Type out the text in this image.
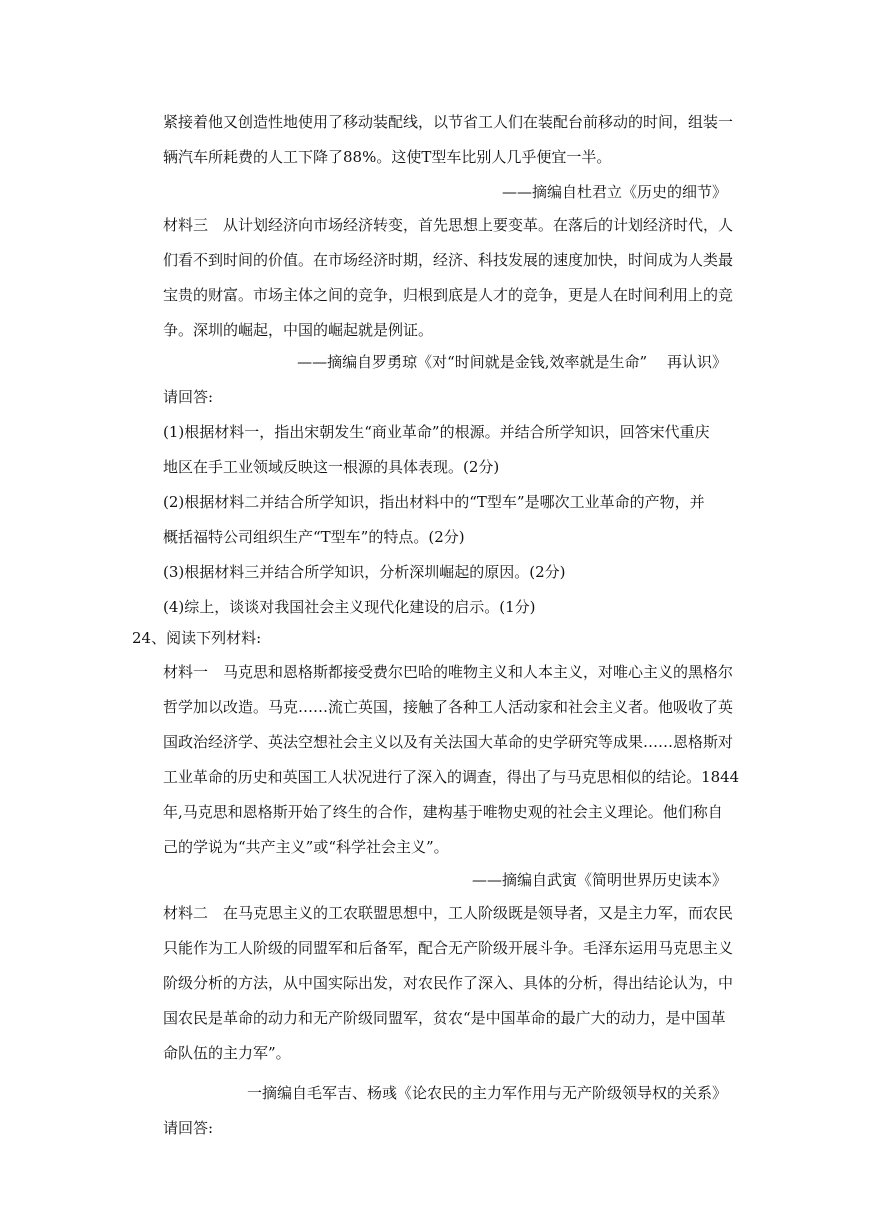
紧接着他又创造性地使用了移动装配线，以节省工人们在装配台前移动的时间，组装一
辆汽车所耗费的人工下降了88%。这使T型车比别人几乎便宜一半。
——摘编自杜君立《历史的细节》
材料三　从计划经济向市场经济转变，首先思想上要变革。在落后的计划经济时代，人
们看不到时间的价值。在市场经济时期，经济、科技发展的速度加快，时间成为人类最
宝贵的财富。市场主体之间的竞争，归根到底是人才的竞争，更是人在时间利用上的竞
争。深圳的崛起，中国的崛起就是例证。
——摘编自罗勇琼《对“时间就是金钱,效率就是生命”　 再认识》
请回答:
(1)根据材料一，指出宋朝发生“商业革命”的根源。并结合所学知识，回答宋代重庆
地区在手工业领域反映这一根源的具体表现。(2分)
(2)根据材料二并结合所学知识，指出材料中的“T型车”是哪次工业革命的产物，并
概括福特公司组织生产“T型车”的特点。(2分)
(3)根据材料三并结合所学知识，分析深圳崛起的原因。(2分)
(4)综上，谈谈对我国社会主义现代化建设的启示。(1分)
24、阅读下列材料:
材料一　马克思和恩格斯都接受费尔巴哈的唯物主义和人本主义，对唯心主义的黑格尔
哲学加以改造。马克……流亡英国，接触了各种工人活动家和社会主义者。他吸收了英
国政治经济学、英法空想社会主义以及有关法国大革命的史学研究等成果……恩格斯对
工业革命的历史和英国工人状况进行了深入的调查，得出了与马克思相似的结论。1844
年,马克思和恩格斯开始了终生的合作，建构基于唯物史观的社会主义理论。他们称自
己的学说为“共产主义”或“科学社会主义”。
——摘编自武寅《简明世界历史读本》
材料二　在马克思主义的工农联盟思想中，工人阶级既是领导者，又是主力军，而农民
只能作为工人阶级的同盟军和后备军，配合无产阶级开展斗争。毛泽东运用马克思主义
阶级分析的方法，从中国实际出发，对农民作了深入、具体的分析，得出结论认为，中
国农民是革命的动力和无产阶级同盟军，贫农“是中国革命的最广大的动力，是中国革
命队伍的主力军”。
一摘编自毛军吉、杨彧《论农民的主力军作用与无产阶级领导权的关系》
请回答:
